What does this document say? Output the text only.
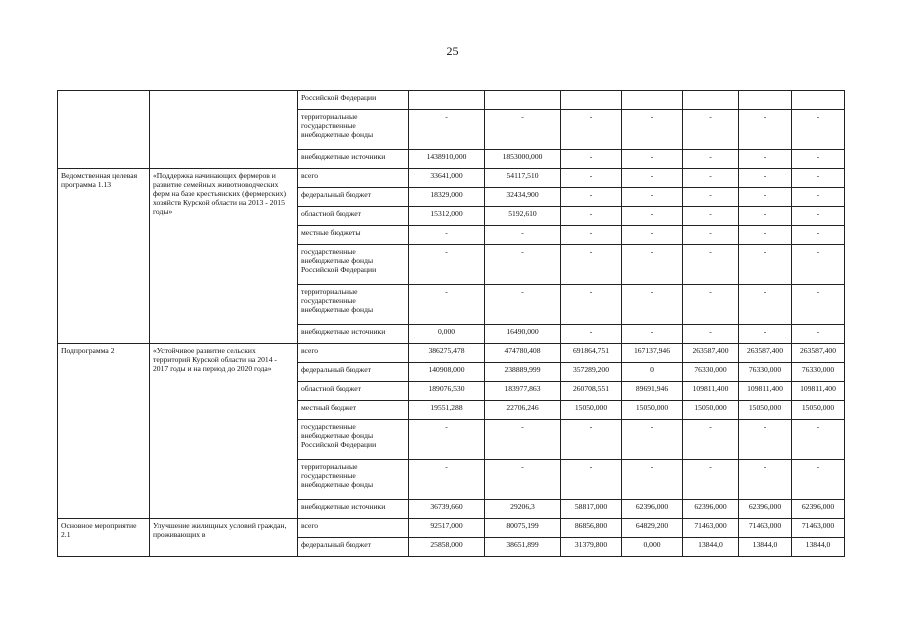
25
		Российской Федерации							
		территориальные государственные внебюджетные фонды	-	-	-	-	-	-	-
		внебюджетные источники	1438910,000	1853000,000	-	-	-	-	-
Ведомственная целевая программа 1.13	«Поддержка начинающих фермеров и развитие семейных животноводческих ферм на базе крестьянских (фермерских) хозяйств Курской области на 2013 - 2015 годы»	всего	33641,000	54117,510	-	-	-	-	-
		федеральный бюджет	18329,000	32434,900	-	-	-	-	-
		областной бюджет	15312,000	5192,610	-	-	-	-	-
		местные бюджеты	-	-	-	-	-	-	-
		государственные внебюджетные фонды Российской Федерации	-	-	-	-	-	-	-
		территориальные государственные внебюджетные фонды	-	-	-	-	-	-	-
		внебюджетные источники	0,000	16490,000	-	-	-	-	-
Подпрограмма 2	«Устойчивое развитие сельских территорий Курской области на 2014 - 2017 годы и на период до 2020 года»	всего	386275,478	474780,408	691864,751	167137,946	263587,400	263587,400	263587,400
		федеральный бюджет	140908,000	238889,999	357289,200	0	76330,000	76330,000	76330,000
		областной бюджет	189076,530	183977,863	260708,551	89691,946	109811,400	109811,400	109811,400
		местный бюджет	19551,288	22706,246	15050,000	15050,000	15050,000	15050,000	15050,000
		государственные внебюджетные фонды Российской Федерации	-	-	-	-	-	-	-
		территориальные государственные внебюджетные фонды	-	-	-	-	-	-	-
		внебюджетные источники	36739,660	29206,3	58817,000	62396,000	62396,000	62396,000	62396,000
Основное мероприятие 2.1	Улучшение жилищных условий граждан, проживающих в	всего	92517,000	80075,199	86856,800	64829,200	71463,000	71463,000	71463,000
		федеральный бюджет	25858,000	38651,899	31379,800	0,000	13844,0	13844,0	13844,0
